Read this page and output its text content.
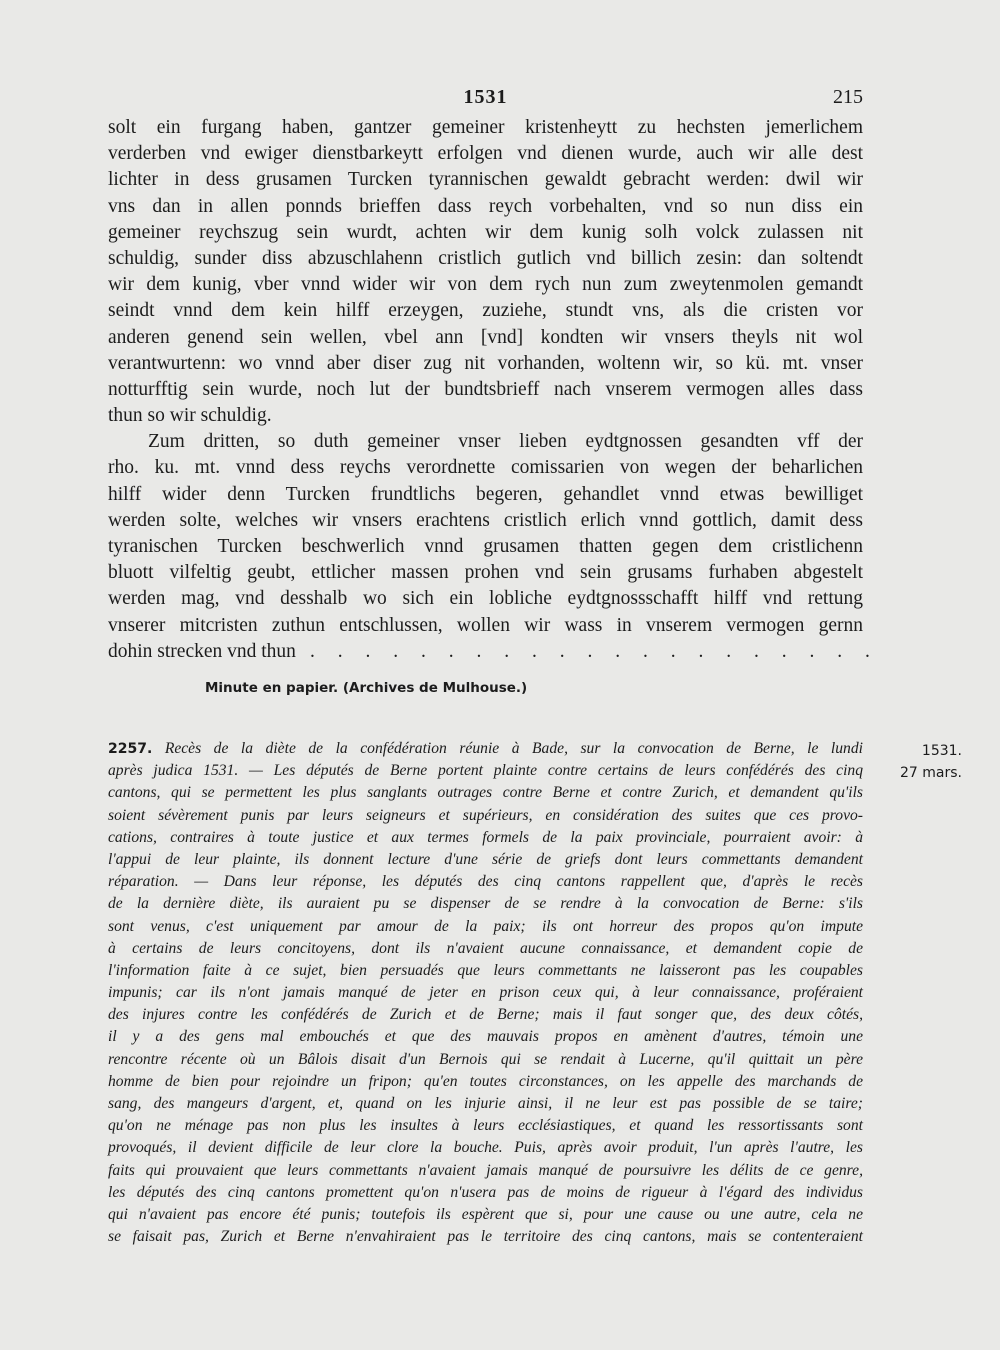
1531	215
solt ein furgang haben, gantzer gemeiner kristenheytt zu hechsten jemerlichem
verderben vnd ewiger dienstbarkeytt erfolgen vnd dienen wurde, auch wir alle dest
lichter in dess grusamen Turcken tyrannischen gewaldt gebracht werden: dwil wir
vns dan in allen ponnds brieffen dass reych vorbehalten, vnd so nun diss ein
gemeiner reychszug sein wurdt, achten wir dem kunig solh volck zulassen nit
schuldig, sunder diss abzuschlahenn cristlich gutlich vnd billich zesin: dan soltendt
wir dem kunig, vber vnnd wider wir von dem rych nun zum zweytenmolen gemandt
seindt vnnd dem kein hilff erzeygen, zuziehe, stundt vns, als die cristen vor
anderen genend sein wellen, vbel ann [vnd] kondten wir vnsers theyls nit wol
verantwurtenn: wo vnnd aber diser zug nit vorhanden, woltenn wir, so kü. mt. vnser
notturfftig sein wurde, noch lut der bundtsbrieff nach vnserem vermogen alles dass
thun so wir schuldig.
Zum dritten, so duth gemeiner vnser lieben eydtgnossen gesandten vff der
rho. ku. mt. vnnd dess reychs verordnette comissarien von wegen der beharlichen
hilff wider denn Turcken frundtlichs begeren, gehandlet vnnd etwas bewilliget
werden solte, welches wir vnsers erachtens cristlich erlich vnnd gottlich, damit dess
tyranischen Turcken beschwerlich vnnd grusamen thatten gegen dem cristlichenn
bluott vilfeltig geubt, ettlicher massen prohen vnd sein grusams furhaben abgestelt
werden mag, vnd desshalb wo sich ein lobliche eydtgnossschafft hilff vnd rettung
vnserer mitcristen zuthun entschlussen, wollen wir wass in vnserem vermogen gernn
dohin strecken vnd thun . . . . . . . . . . . . . . . . . . . . .
Minute en papier. (Archives de Mulhouse.)
2257. Recès de la diète de la confédération réunie à Bade, sur la convocation de Berne, le lundi
après judica 1531. — Les députés de Berne portent plainte contre certains de leurs confédérés des cinq
cantons, qui se permettent les plus sanglants outrages contre Berne et contre Zurich, et demandent qu'ils
soient sévèrement punis par leurs seigneurs et supérieurs, en considération des suites que ces provo-
cations, contraires à toute justice et aux termes formels de la paix provinciale, pourraient avoir: à
l'appui de leur plainte, ils donnent lecture d'une série de griefs dont leurs commettants demandent
réparation. — Dans leur réponse, les députés des cinq cantons rappellent que, d'après le recès
de la dernière diète, ils auraient pu se dispenser de se rendre à la convocation de Berne: s'ils
sont venus, c'est uniquement par amour de la paix; ils ont horreur des propos qu'on impute
à certains de leurs concitoyens, dont ils n'avaient aucune connaissance, et demandent copie de
l'information faite à ce sujet, bien persuadés que leurs commettants ne laisseront pas les coupables
impunis; car ils n'ont jamais manqué de jeter en prison ceux qui, à leur connaissance, proféraient
des injures contre les confédérés de Zurich et de Berne; mais il faut songer que, des deux côtés,
il y a des gens mal embouchés et que des mauvais propos en amènent d'autres, témoin une
rencontre récente où un Bâlois disait d'un Bernois qui se rendait à Lucerne, qu'il quittait un père
homme de bien pour rejoindre un fripon; qu'en toutes circonstances, on les appelle des marchands de
sang, des mangeurs d'argent, et, quand on les injurie ainsi, il ne leur est pas possible de se taire;
qu'on ne ménage pas non plus les insultes à leurs ecclésiastiques, et quand les ressortissants sont
provoqués, il devient difficile de leur clore la bouche. Puis, après avoir produit, l'un après l'autre, les
faits qui prouvaient que leurs commettants n'avaient jamais manqué de poursuivre les délits de ce genre,
les députés des cinq cantons promettent qu'on n'usera pas de moins de rigueur à l'égard des individus
qui n'avaient pas encore été punis; toutefois ils espèrent que si, pour une cause ou une autre, cela ne
se faisait pas, Zurich et Berne n'envahiraient pas le territoire des cinq cantons, mais se contenteraient
1531.
27 mars.
